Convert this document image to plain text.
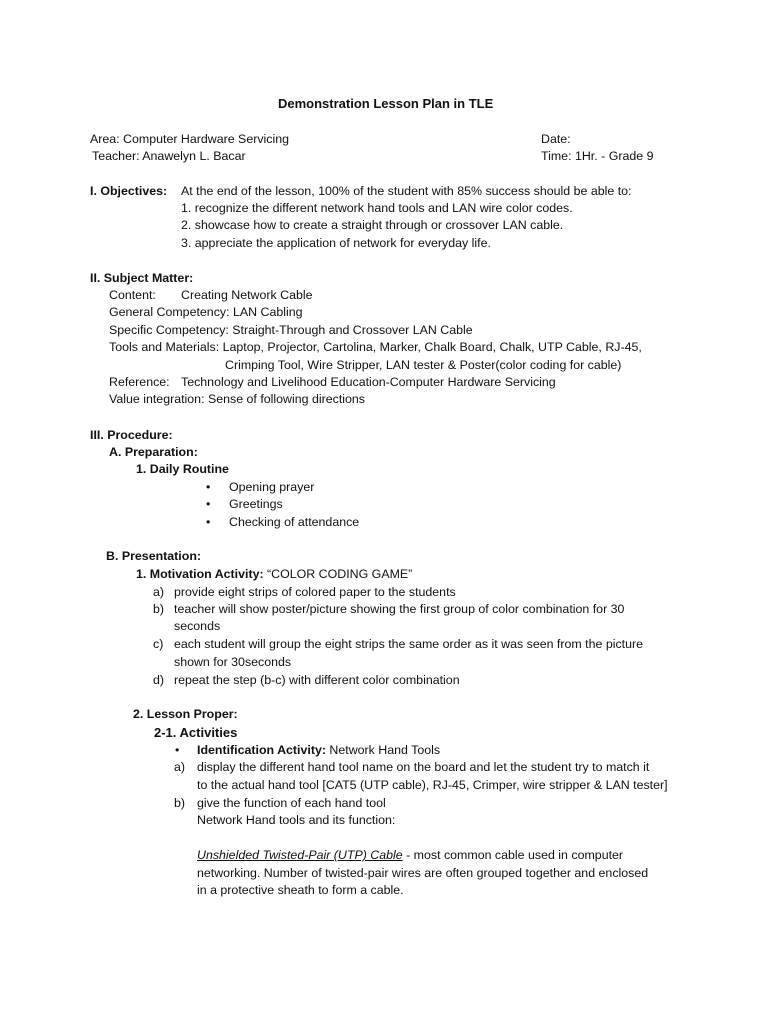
Demonstration Lesson Plan in TLE
Area: Computer Hardware Servicing	Date:
Teacher: Anawelyn L. Bacar	Time: 1Hr. - Grade 9
I. Objectives: At the end of the lesson, 100% of the student with 85% success should be able to:
1. recognize the different network hand tools and LAN wire color codes.
2. showcase how to create a straight through or crossover LAN cable.
3. appreciate the application of network for everyday life.
II. Subject Matter:
Content: Creating Network Cable
General Competency: LAN Cabling
Specific Competency: Straight-Through and Crossover LAN Cable
Tools and Materials: Laptop, Projector, Cartolina, Marker, Chalk Board, Chalk, UTP Cable, RJ-45,
Crimping Tool, Wire Stripper, LAN tester & Poster(color coding for cable)
Reference: Technology and Livelihood Education-Computer Hardware Servicing
Value integration: Sense of following directions
III. Procedure:
A. Preparation:
1. Daily Routine
• Opening prayer
• Greetings
• Checking of attendance
B. Presentation:
1. Motivation Activity: “COLOR CODING GAME”
a) provide eight strips of colored paper to the students
b) teacher will show poster/picture showing the first group of color combination for 30
seconds
c) each student will group the eight strips the same order as it was seen from the picture
shown for 30seconds
d) repeat the step (b-c) with different color combination
2. Lesson Proper:
2-1. Activities
• Identification Activity: Network Hand Tools
a) display the different hand tool name on the board and let the student try to match it
to the actual hand tool [CAT5 (UTP cable), RJ-45, Crimper, wire stripper & LAN tester]
b) give the function of each hand tool
Network Hand tools and its function:
Unshielded Twisted-Pair (UTP) Cable - most common cable used in computer
networking. Number of twisted-pair wires are often grouped together and enclosed
in a protective sheath to form a cable.
